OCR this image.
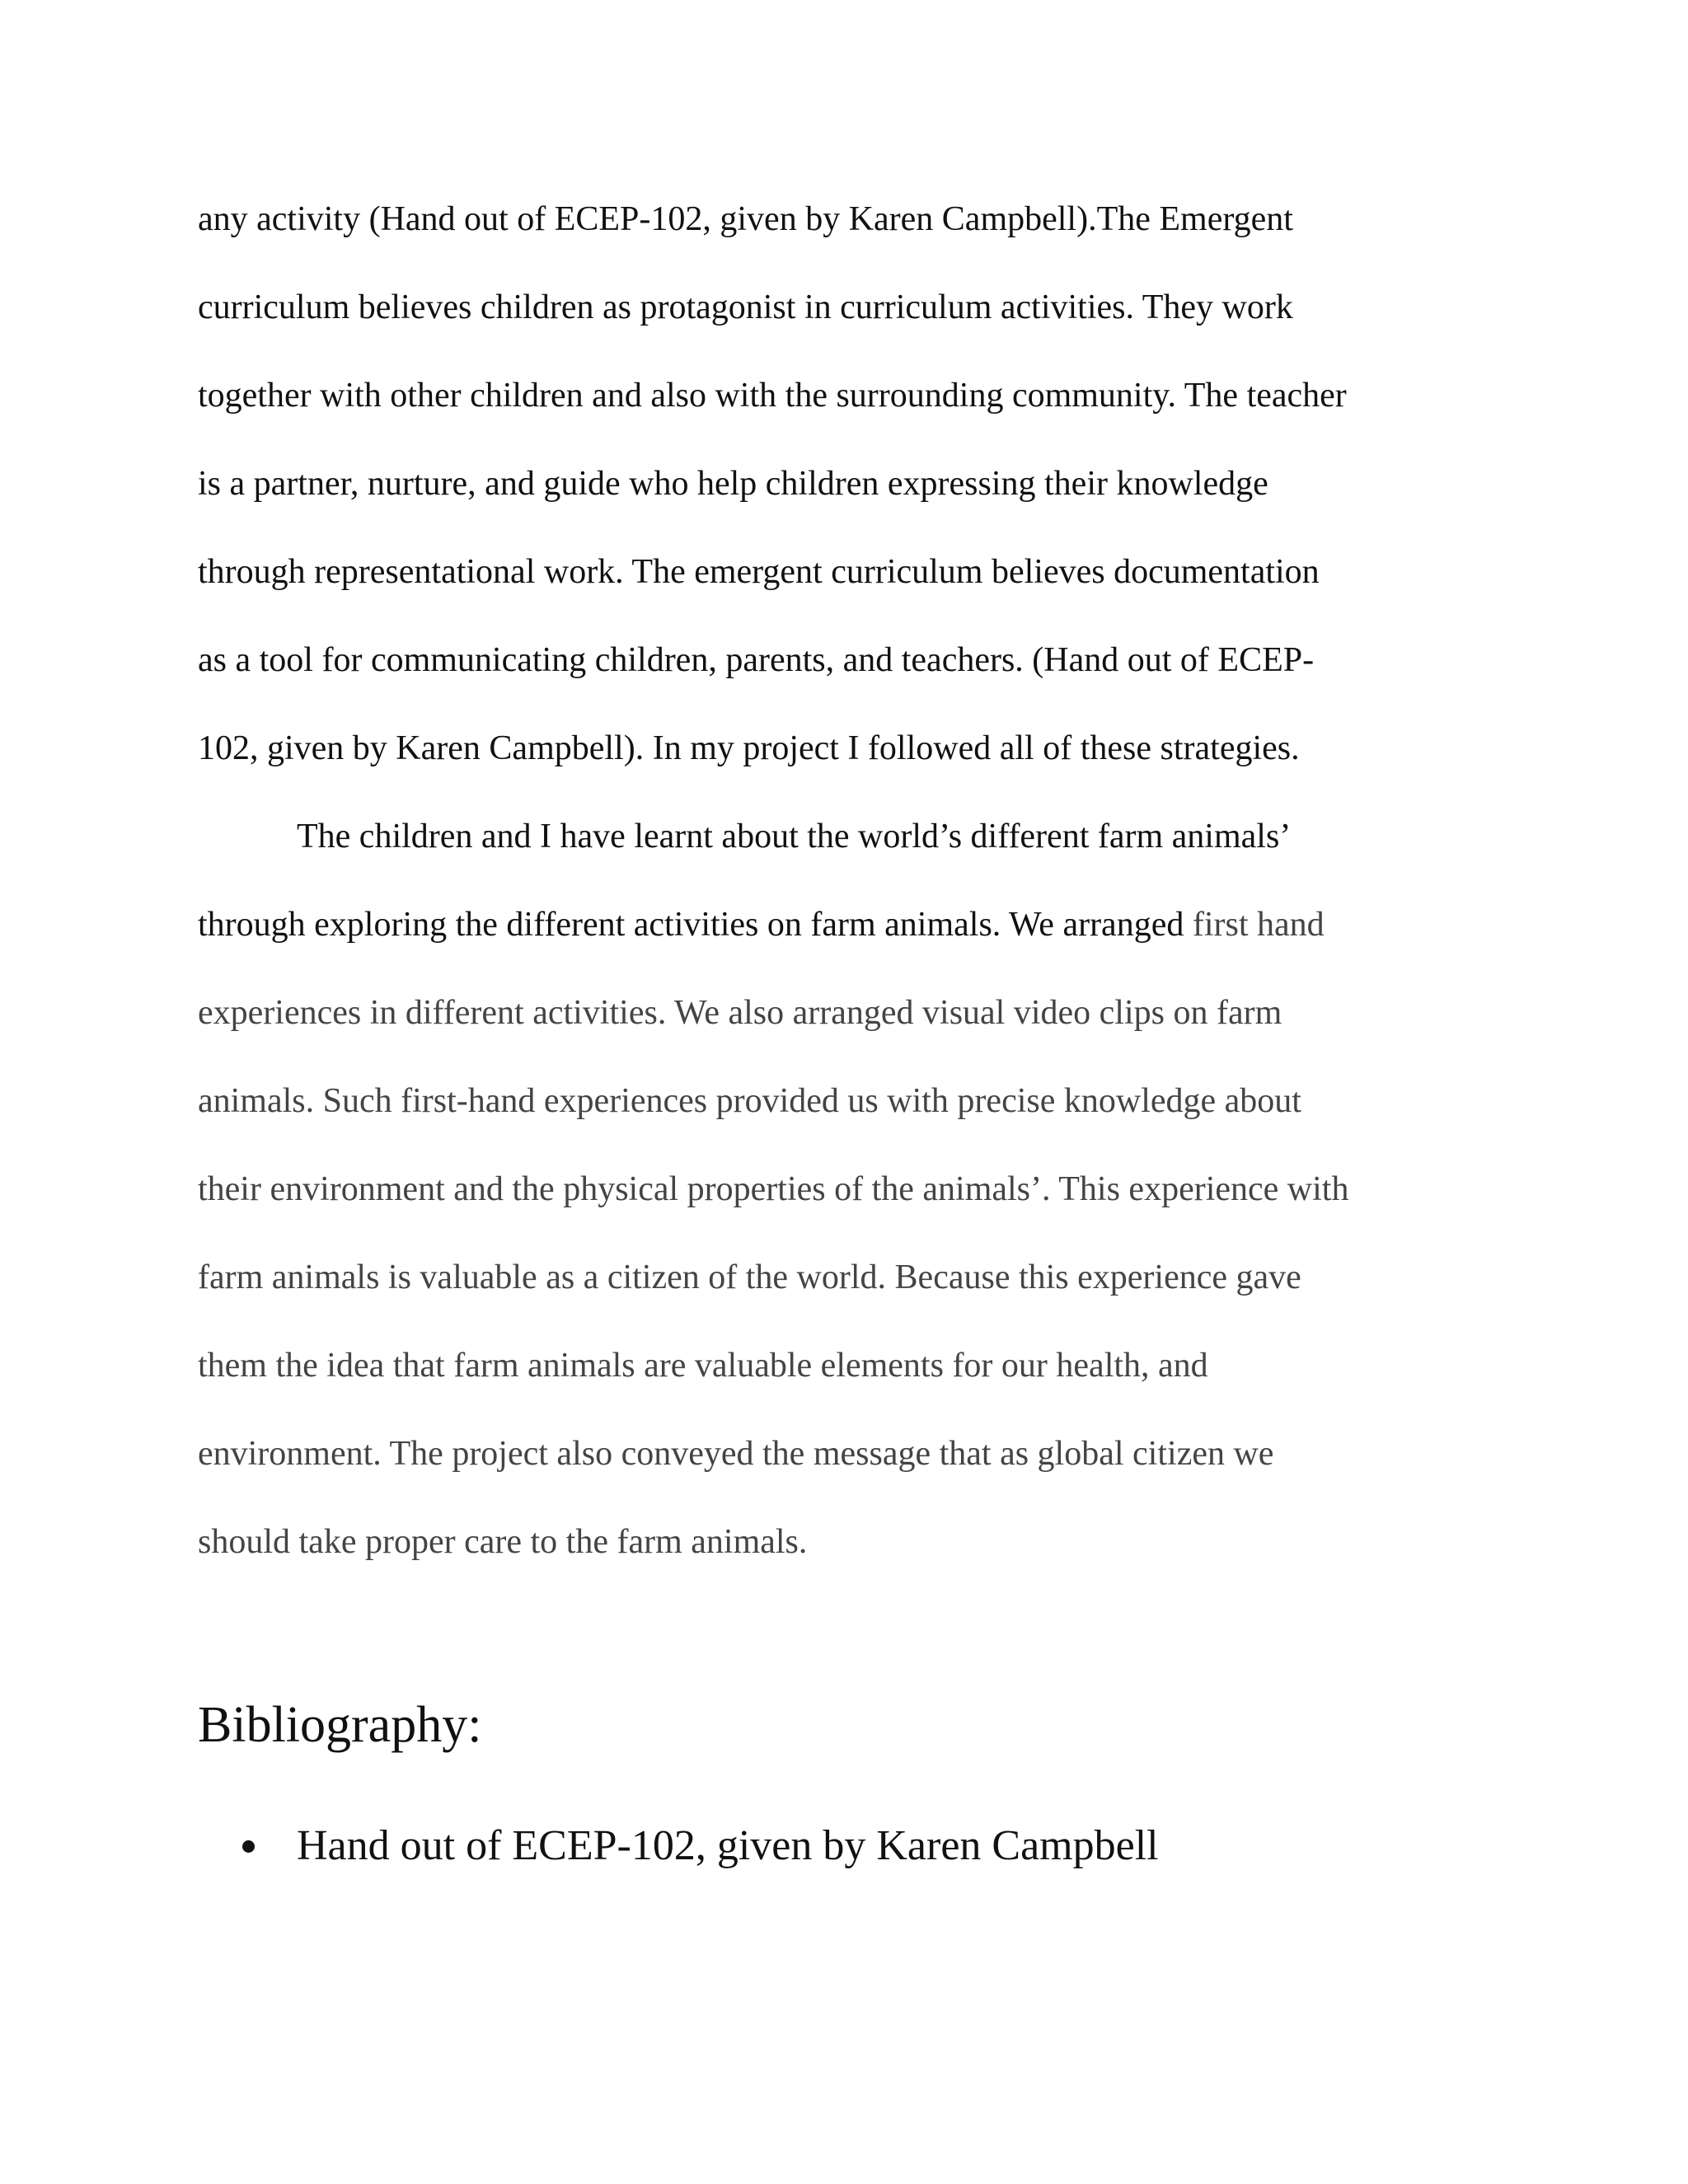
any activity (Hand out of ECEP-102, given by Karen Campbell).The Emergent
curriculum believes children as protagonist in curriculum activities. They work
together with other children and also with the surrounding community. The teacher
is a partner, nurture, and guide who help children expressing their knowledge
through representational work. The emergent curriculum believes documentation
as a tool for communicating children, parents, and teachers. (Hand out of ECEP-
102, given by Karen Campbell). In my project I followed all of these strategies.
The children and I have learnt about the world’s different farm animals’
through exploring the different activities on farm animals. We arranged first hand
experiences in different activities. We also arranged visual video clips on farm
animals. Such first-hand experiences provided us with precise knowledge about
their environment and the physical properties of the animals’. This experience with
farm animals is valuable as a citizen of the world. Because this experience gave
them the idea that farm animals are valuable elements for our health, and
environment. The project also conveyed the message that as global citizen we
should take proper care to the farm animals.
Bibliography:
Hand out of ECEP-102, given by Karen Campbell
